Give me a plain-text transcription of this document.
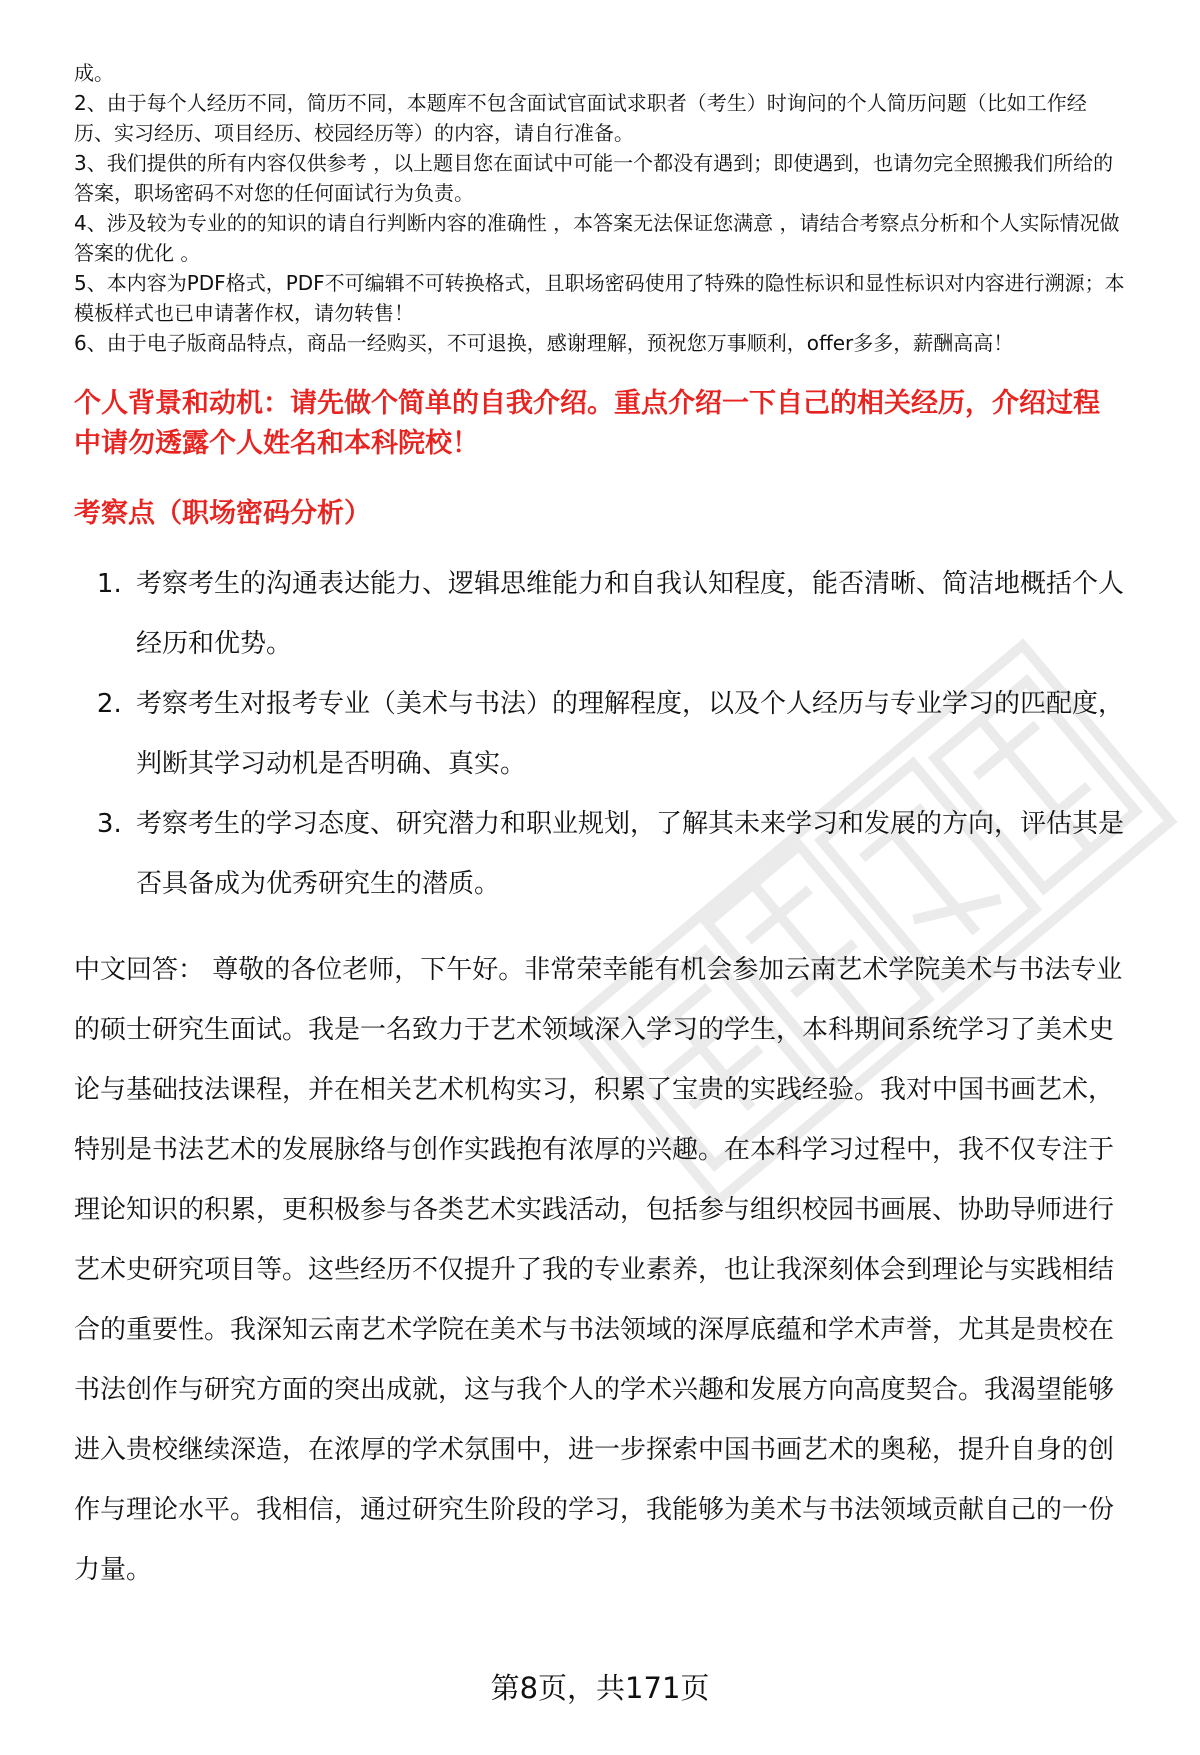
成。

2、由于每个人经历不同，简历不同，本题库不包含面试官面试求职者（考生）时询问的个人简历问题（比如工作经历、实习经历、项目经历、校园经历等）的内容，请自行准备。

3、我们提供的所有内容仅供参考 ，以上题目您在面试中可能一个都没有遇到；即使遇到，也请勿完全照搬我们所给的答案，职场密码不对您的任何面试行为负责。

4、涉及较为专业的的知识的请自行判断内容的准确性 ，本答案无法保证您满意 ，请结合考察点分析和个人实际情况做答案的优化 。

5、本内容为PDF格式，PDF不可编辑不可转换格式，且职场密码使用了特殊的隐性标识和显性标识对内容进行溯源；本模板样式也已申请著作权，请勿转售！

6、由于电子版商品特点，商品一经购买，不可退换，感谢理解，预祝您万事顺利，offer多多，薪酬高高！

个人背景和动机：请先做个简单的自我介绍。重点介绍一下自己的相关经历，介绍过程中请勿透露个人姓名和本科院校！

考察点（职场密码分析）

1. 考察考生的沟通表达能力、逻辑思维能力和自我认知程度，能否清晰、简洁地概括个人经历和优势。
2. 考察考生对报考专业（美术与书法）的理解程度，以及个人经历与专业学习的匹配度，判断其学习动机是否明确、真实。
3. 考察考生的学习态度、研究潜力和职业规划，了解其未来学习和发展的方向，评估其是否具备成为优秀研究生的潜质。

中文回答： 尊敬的各位老师，下午好。非常荣幸能有机会参加云南艺术学院美术与书法专业的硕士研究生面试。我是一名致力于艺术领域深入学习的学生，本科期间系统学习了美术史论与基础技法课程，并在相关艺术机构实习，积累了宝贵的实践经验。我对中国书画艺术，特别是书法艺术的发展脉络与创作实践抱有浓厚的兴趣。在本科学习过程中，我不仅专注于理论知识的积累，更积极参与各类艺术实践活动，包括参与组织校园书画展、协助导师进行艺术史研究项目等。这些经历不仅提升了我的专业素养，也让我深刻体会到理论与实践相结合的重要性。我深知云南艺术学院在美术与书法领域的深厚底蕴和学术声誉，尤其是贵校在书法创作与研究方面的突出成就，这与我个人的学术兴趣和发展方向高度契合。我渴望能够进入贵校继续深造，在浓厚的学术氛围中，进一步探索中国书画艺术的奥秘，提升自身的创作与理论水平。我相信，通过研究生阶段的学习，我能够为美术与书法领域贡献自己的一份力量。

第8页，共171页
